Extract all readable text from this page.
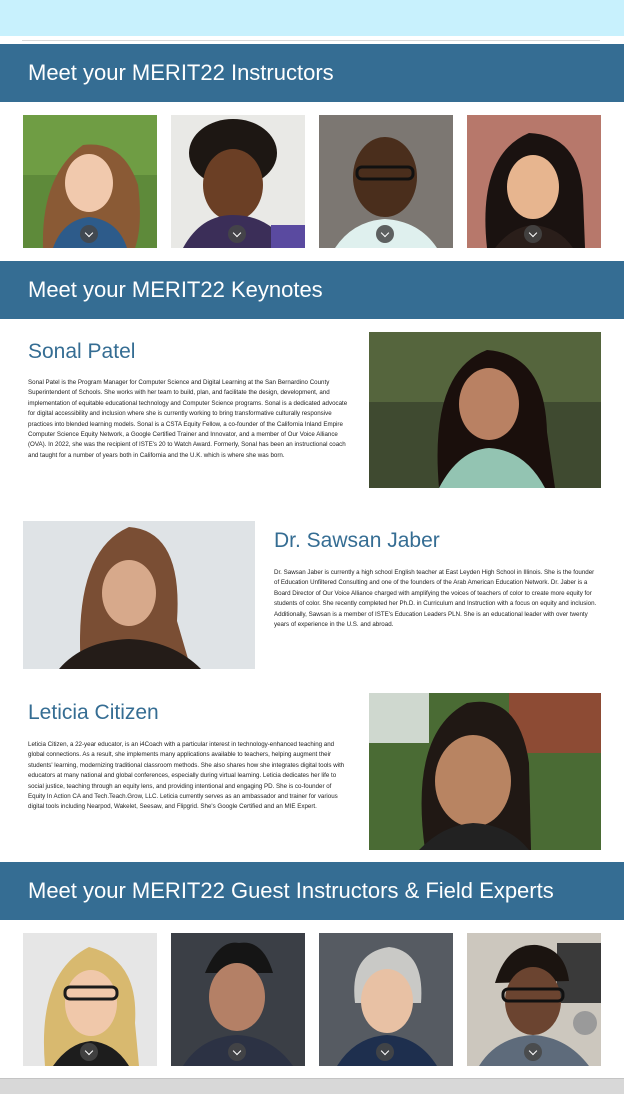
Meet your MERIT22 Instructors
Meet your MERIT22 Keynotes
Sonal Patel

Sonal Patel is the Program Manager for Computer Science and Digital Learning at the San Bernardino County Superintendent of Schools. She works with her team to build, plan, and facilitate the design, development, and implementation of equitable educational technology and Computer Science programs. Sonal is a dedicated advocate for digital accessibility and inclusion where she is currently working to bring transformative culturally responsive practices into blended learning models. Sonal is a CSTA Equity Fellow, a co-founder of the California Inland Empire Computer Science Equity Network, a Google Certified Trainer and Innovator, and a member of Our Voice Alliance (OVA). In 2022, she was the recipient of ISTE's 20 to Watch Award. Formerly, Sonal has been an instructional coach and taught for a number of years both in California and the U.K. which is where she was born.

Dr. Sawsan Jaber

Dr. Sawsan Jaber is currently a high school English teacher at East Leyden High School in Illinois. She is the founder of Education Unfiltered Consulting and one of the founders of the Arab American Education Network. Dr. Jaber is a Board Director of Our Voice Alliance charged with amplifying the voices of teachers of color to create more equity for students of color. She recently completed her Ph.D. in Curriculum and Instruction with a focus on equity and inclusion. Additionally, Sawsan is a member of ISTE's Education Leaders PLN. She is an educational leader with over twenty years of experience in the U.S. and abroad.

Leticia Citizen

Leticia Citizen, a 22-year educator, is an i4Coach with a particular interest in technology-enhanced teaching and global connections. As a result, she implements many applications available to teachers, helping augment their students' learning, modernizing traditional classroom methods. She also shares how she integrates digital tools with educators at many national and global conferences, especially during virtual learning. Leticia dedicates her life to social justice, teaching through an equity lens, and providing intentional and engaging PD. She is co-founder of Equity In Action CA and Tech.Teach.Grow, LLC. Leticia currently serves as an ambassador and trainer for various digital tools including Nearpod, Wakelet, Seesaw, and Flipgrid. She's Google Certified and an MIE Expert.

Meet your MERIT22 Guest Instructors & Field Experts
